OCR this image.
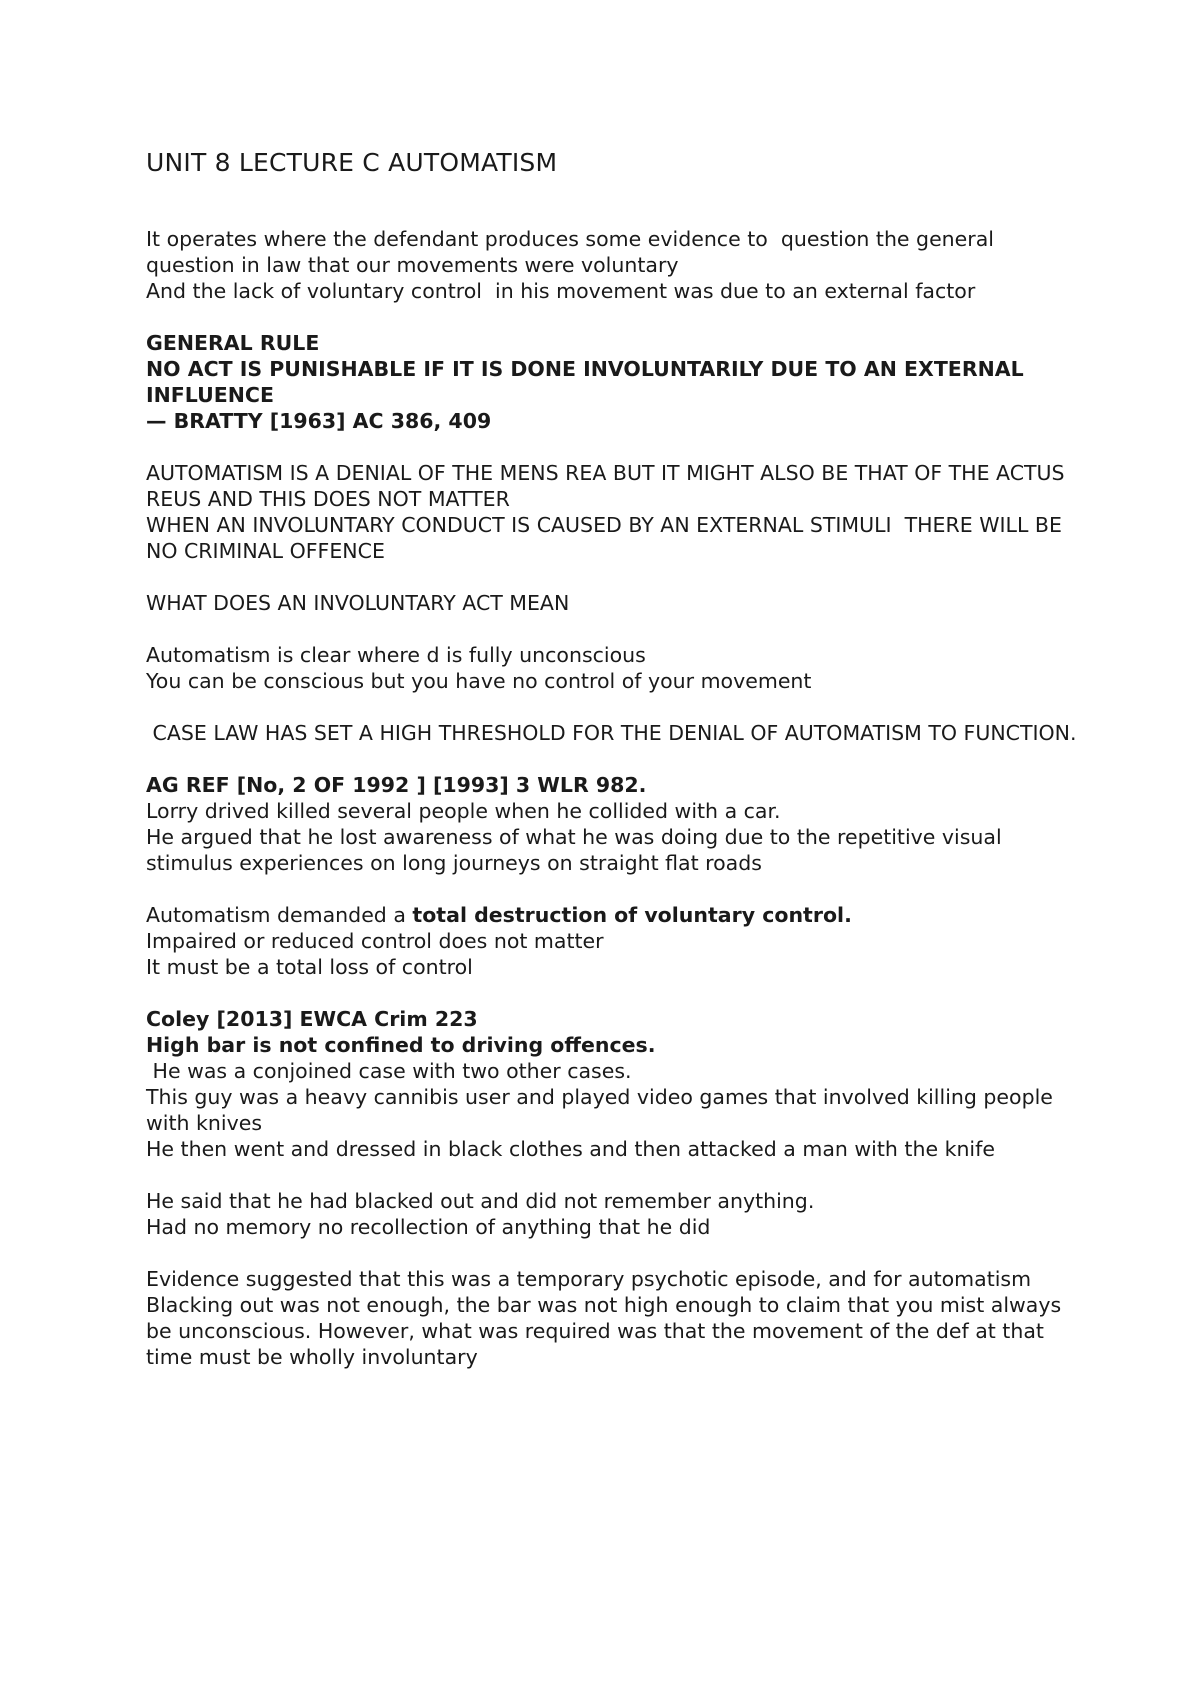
UNIT 8 LECTURE C AUTOMATISM
It operates where the defendant produces some evidence to  question the general question in law that our movements were voluntary
And the lack of voluntary control  in his movement was due to an external factor
GENERAL RULE
NO ACT IS PUNISHABLE IF IT IS DONE INVOLUNTARILY DUE TO AN EXTERNAL INFLUENCE
— BRATTY [1963] AC 386, 409
AUTOMATISM IS A DENIAL OF THE MENS REA BUT IT MIGHT ALSO BE THAT OF THE ACTUS REUS AND THIS DOES NOT MATTER
WHEN AN INVOLUNTARY CONDUCT IS CAUSED BY AN EXTERNAL STIMULI  THERE WILL BE NO CRIMINAL OFFENCE
WHAT DOES AN INVOLUNTARY ACT MEAN
Automatism is clear where d is fully unconscious
You can be conscious but you have no control of your movement
CASE LAW HAS SET A HIGH THRESHOLD FOR THE DENIAL OF AUTOMATISM TO FUNCTION.
AG REF [No, 2 OF 1992 ] [1993] 3 WLR 982.
Lorry drived killed several people when he collided with a car.
He argued that he lost awareness of what he was doing due to the repetitive visual stimulus experiences on long journeys on straight flat roads
Automatism demanded a total destruction of voluntary control.
Impaired or reduced control does not matter
It must be a total loss of control
Coley [2013] EWCA Crim 223
High bar is not confined to driving offences.
He was a conjoined case with two other cases.
This guy was a heavy cannibis user and played video games that involved killing people with knives
He then went and dressed in black clothes and then attacked a man with the knife
He said that he had blacked out and did not remember anything.
Had no memory no recollection of anything that he did
Evidence suggested that this was a temporary psychotic episode, and for automatism
Blacking out was not enough, the bar was not high enough to claim that you mist always be unconscious. However, what was required was that the movement of the def at that time must be wholly involuntary
